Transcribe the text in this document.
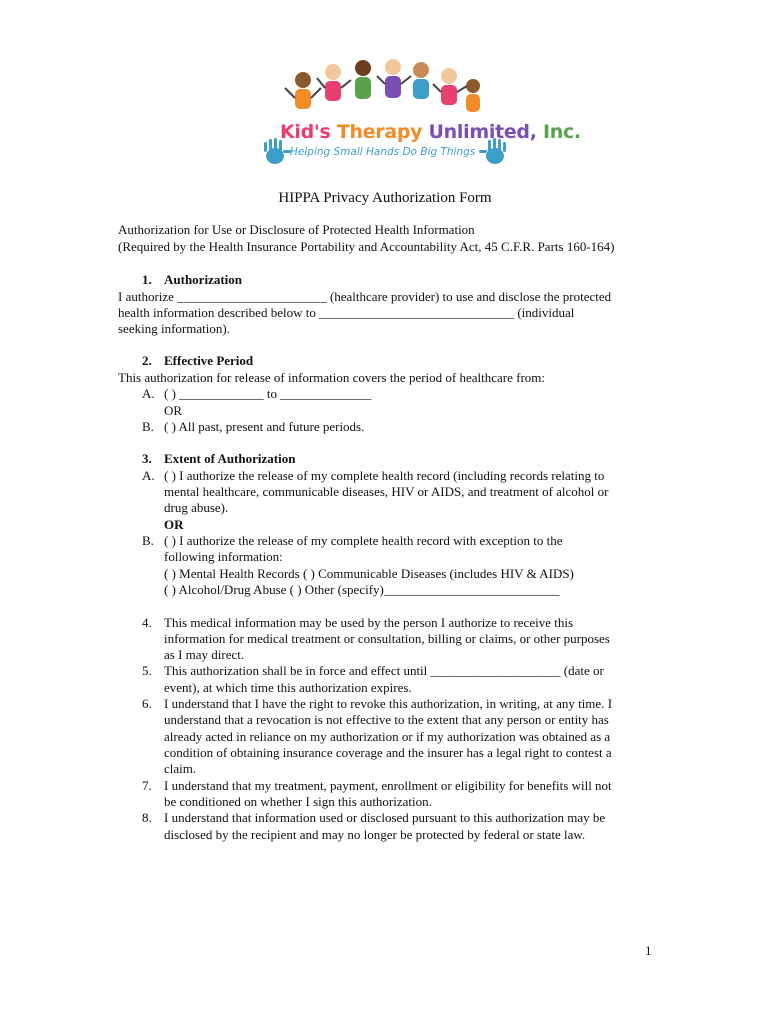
Kid's Therapy Unlimited, Inc.
Helping Small Hands Do Big Things
HIPPA Privacy Authorization Form
Authorization for Use or Disclosure of Protected Health Information
(Required by the Health Insurance Portability and Accountability Act, 45 C.F.R. Parts 160-164)
1. Authorization
I authorize _______________________ (healthcare provider) to use and disclose the protected
health information described below to ______________________________ (individual
seeking information).
2. Effective Period
This authorization for release of information covers the period of healthcare from:
A. ( ) _____________ to ______________
OR
B. ( ) All past, present and future periods.
3. Extent of Authorization
A. ( ) I authorize the release of my complete health record (including records relating to
mental healthcare, communicable diseases, HIV or AIDS, and treatment of alcohol or
drug abuse).
OR
B. ( ) I authorize the release of my complete health record with exception to the
following information:
( ) Mental Health Records ( ) Communicable Diseases (includes HIV & AIDS)
( ) Alcohol/Drug Abuse ( ) Other (specify)___________________________
4. This medical information may be used by the person I authorize to receive this
information for medical treatment or consultation, billing or claims, or other purposes
as I may direct.
5. This authorization shall be in force and effect until ____________________ (date or
event), at which time this authorization expires.
6. I understand that I have the right to revoke this authorization, in writing, at any time. I
understand that a revocation is not effective to the extent that any person or entity has
already acted in reliance on my authorization or if my authorization was obtained as a
condition of obtaining insurance coverage and the insurer has a legal right to contest a
claim.
7. I understand that my treatment, payment, enrollment or eligibility for benefits will not
be conditioned on whether I sign this authorization.
8. I understand that information used or disclosed pursuant to this authorization may be
disclosed by the recipient and may no longer be protected by federal or state law.
1
